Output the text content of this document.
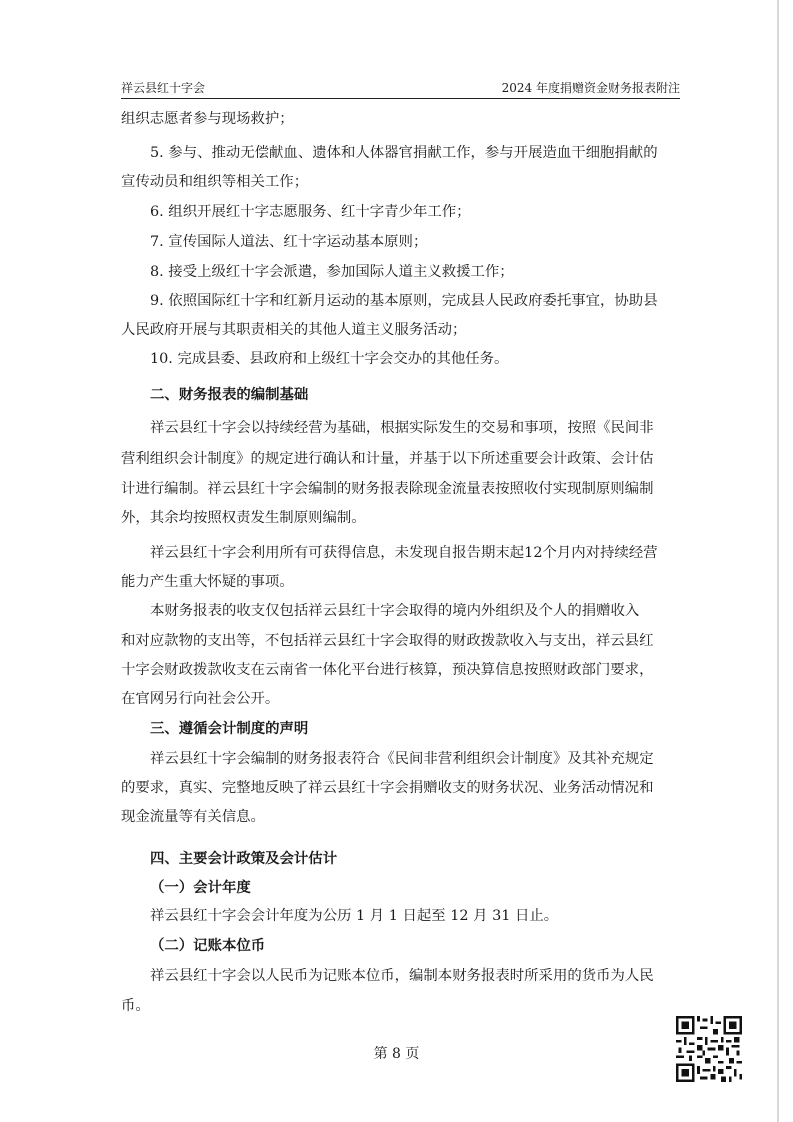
祥云县红十字会	2024 年度捐赠资金财务报表附注
组织志愿者参与现场救护；
5. 参与、推动无偿献血、遗体和人体器官捐献工作，参与开展造血干细胞捐献的
宣传动员和组织等相关工作；
6. 组织开展红十字志愿服务、红十字青少年工作；
7. 宣传国际人道法、红十字运动基本原则；
8. 接受上级红十字会派遣，参加国际人道主义救援工作；
9. 依照国际红十字和红新月运动的基本原则，完成县人民政府委托事宜，协助县
人民政府开展与其职责相关的其他人道主义服务活动；
10. 完成县委、县政府和上级红十字会交办的其他任务。
二、财务报表的编制基础
祥云县红十字会以持续经营为基础，根据实际发生的交易和事项，按照《民间非
营利组织会计制度》的规定进行确认和计量，并基于以下所述重要会计政策、会计估
计进行编制。祥云县红十字会编制的财务报表除现金流量表按照收付实现制原则编制
外，其余均按照权责发生制原则编制。
祥云县红十字会利用所有可获得信息，未发现自报告期末起12个月内对持续经营
能力产生重大怀疑的事项。
本财务报表的收支仅包括祥云县红十字会取得的境内外组织及个人的捐赠收入
和对应款物的支出等，不包括祥云县红十字会取得的财政拨款收入与支出，祥云县红
十字会财政拨款收支在云南省一体化平台进行核算，预决算信息按照财政部门要求，
在官网另行向社会公开。
三、遵循会计制度的声明
祥云县红十字会编制的财务报表符合《民间非营利组织会计制度》及其补充规定
的要求，真实、完整地反映了祥云县红十字会捐赠收支的财务状况、业务活动情况和
现金流量等有关信息。
四、主要会计政策及会计估计
（一）会计年度
祥云县红十字会会计年度为公历 1 月 1 日起至 12 月 31 日止。
（二）记账本位币
祥云县红十字会以人民币为记账本位币，编制本财务报表时所采用的货币为人民
币。
第 8 页
